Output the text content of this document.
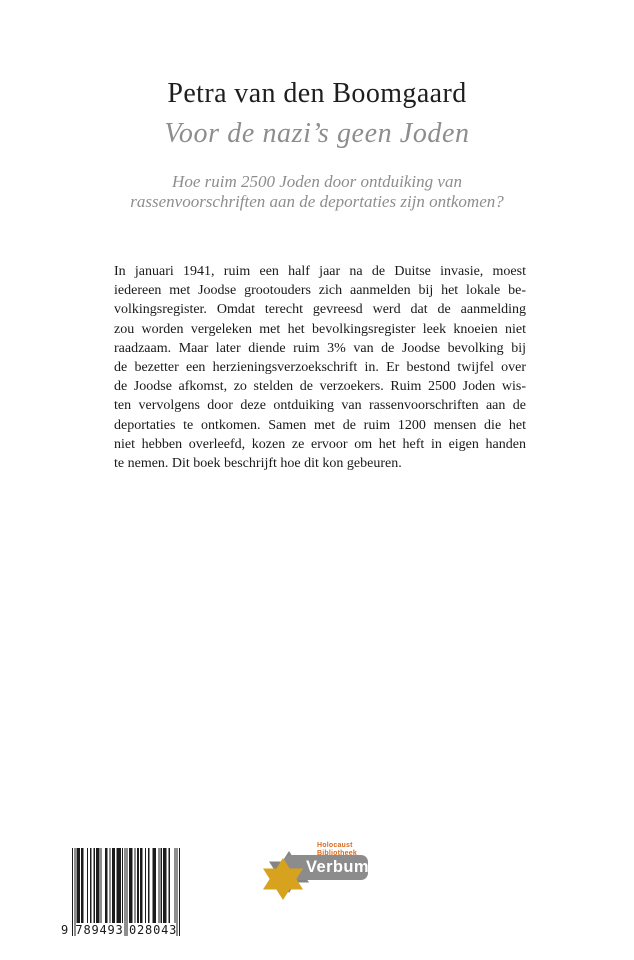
Petra van den Boomgaard
Voor de nazi’s geen Joden
Hoe ruim 2500 Joden door ontduiking van
rassenvoorschriften aan de deportaties zijn ontkomen?
In januari 1941, ruim een half jaar na de Duitse invasie, moest
iedereen met Joodse grootouders zich aanmelden bij het lokale be-
volkingsregister. Omdat terecht gevreesd werd dat de aanmelding
zou worden vergeleken met het bevolkingsregister leek knoeien niet
raadzaam. Maar later diende ruim 3% van de Joodse bevolking bij
de bezetter een herzieningsverzoekschrift in. Er bestond twijfel over
de Joodse afkomst, zo stelden de verzoekers. Ruim 2500 Joden wis-
ten vervolgens door deze ontduiking van rassenvoorschriften aan de
deportaties te ontkomen. Samen met de ruim 1200 mensen die het
niet hebben overleefd, kozen ze ervoor om het heft in eigen handen
te nemen. Dit boek beschrijft hoe dit kon gebeuren.
9 789493 028043
Verbum
Holocaust
Bibliotheek
